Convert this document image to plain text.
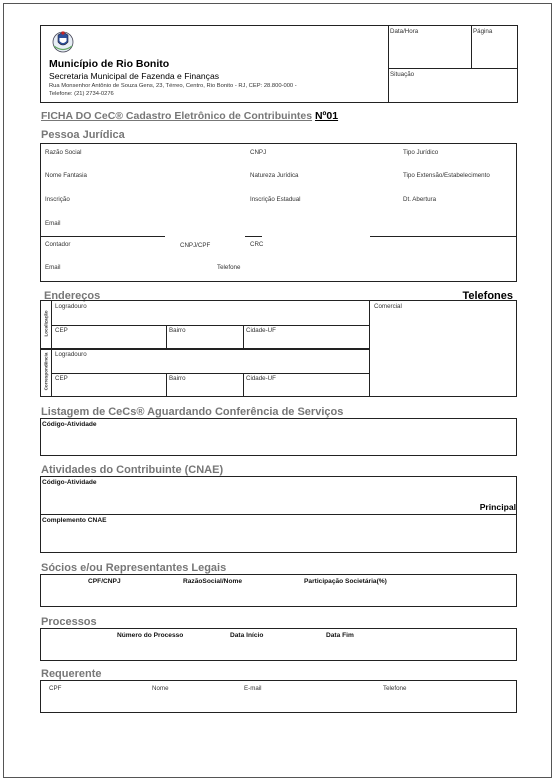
Município de Rio Bonito
Secretaria Municipal de Fazenda e Finanças
Rua Monsenhor Antônio de Souza Gens, 23, Térreo, Centro, Rio Bonito - RJ, CEP: 28.800-000 -
Telefone: (21) 2734-0276
Data/Hora	Página
Situação
FICHA DO CeC® Cadastro Eletrônico de Contribuintes Nº01
Pessoa Jurídica
Razão Social	CNPJ	Tipo Jurídico
Nome Fantasia	Natureza Jurídica	Tipo Extensão/Estabelecimento
Inscrição	Inscrição Estadual	Dt. Abertura
Email
Contador	CNPJ/CPF	CRC
Email	Telefone
Endereços	Telefones
Localização
Correspondência
Logradouro
CEP	Bairro	Cidade-UF
Logradouro
CEP	Bairro	Cidade-UF
Comercial
Listagem de CeCs® Aguardando Conferência de Serviços
Código-Atividade
Atividades do Contribuinte (CNAE)
Código-Atividade
Principal
Complemento CNAE
Sócios e/ou Representantes Legais
CPF/CNPJ	RazãoSocial/Nome	Participação Societária(%)
Processos
Número do Processo	Data Início	Data Fim
Requerente
CPF	Nome	E-mail	Telefone
